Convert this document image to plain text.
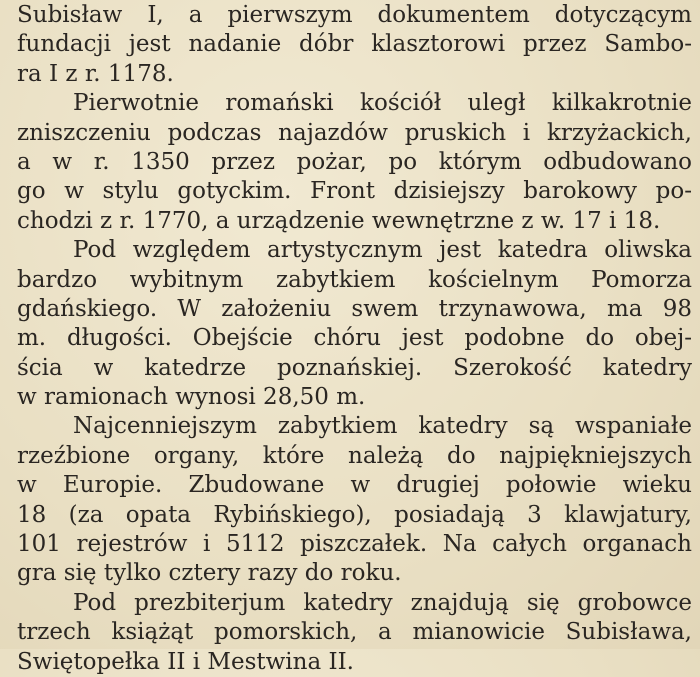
Subisław I, a pierwszym dokumentem dotyczącym
fundacji jest nadanie dóbr klasztorowi przez Sambo-
ra I z r. 1178.
Pierwotnie romański kościół uległ kilkakrotnie
zniszczeniu podczas najazdów pruskich i krzyżackich,
a w r. 1350 przez pożar, po którym odbudowano
go w stylu gotyckim. Front dzisiejszy barokowy po-
chodzi z r. 1770, a urządzenie wewnętrzne z w. 17 i 18.
Pod względem artystycznym jest katedra oliwska
bardzo wybitnym zabytkiem kościelnym Pomorza
gdańskiego. W założeniu swem trzynawowa, ma 98
m. długości. Obejście chóru jest podobne do obej-
ścia w katedrze poznańskiej. Szerokość katedry
w ramionach wynosi 28,50 m.
Najcenniejszym zabytkiem katedry są wspaniałe
rzeźbione organy, które należą do najpiękniejszych
w Europie. Zbudowane w drugiej połowie wieku
18 (za opata Rybińskiego), posiadają 3 klawjatury,
101 rejestrów i 5112 piszczałek. Na całych organach
gra się tylko cztery razy do roku.
Pod prezbiterjum katedry znajdują się grobowce
trzech książąt pomorskich, a mianowicie Subisława,
Swiętopełka II i Mestwina II.
